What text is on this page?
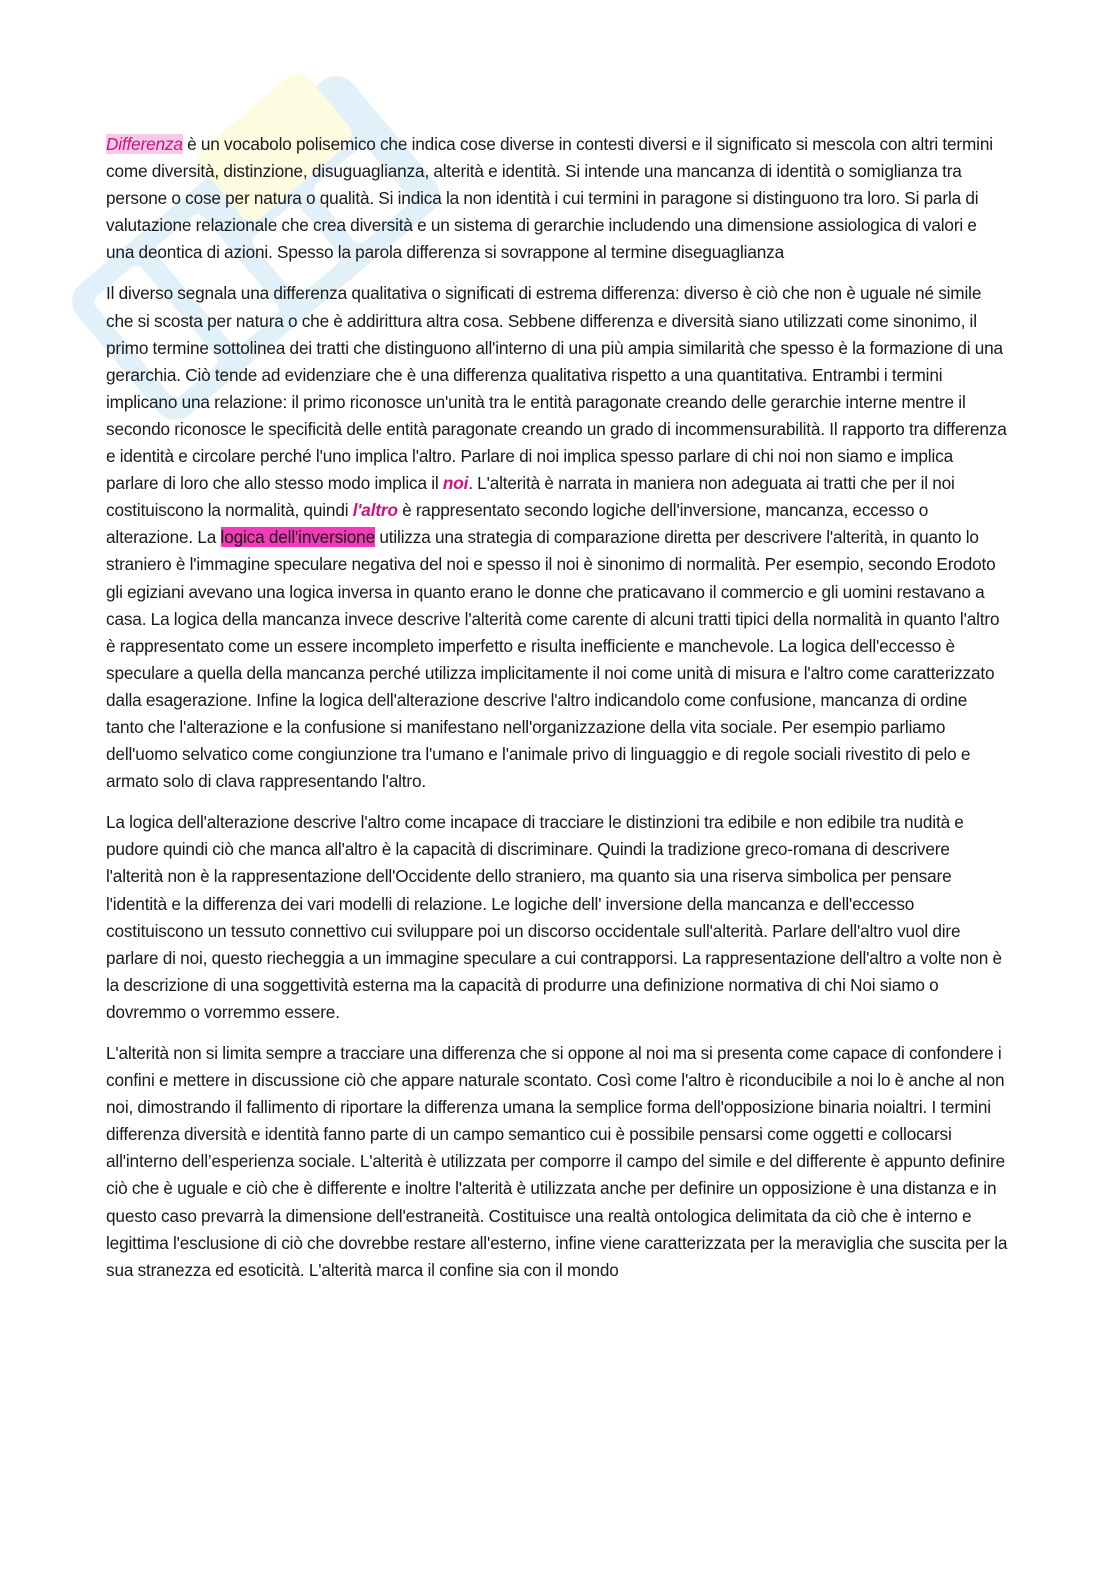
Differenza è un vocabolo polisemico che indica cose diverse in contesti diversi e il significato si mescola con altri termini come diversità, distinzione, disuguaglianza, alterità e identità. Si intende una mancanza di identità o somiglianza tra persone o cose per natura o qualità. Si indica la non identità i cui termini in paragone si distinguono tra loro. Si parla di valutazione relazionale che crea diversità e un sistema di gerarchie includendo una dimensione assiologica di valori e una deontica di azioni. Spesso la parola differenza si sovrappone al termine diseguaglianza

Il diverso segnala una differenza qualitativa o significati di estrema differenza: diverso è ciò che non è uguale né simile che si scosta per natura o che è addirittura altra cosa. Sebbene differenza e diversità siano utilizzati come sinonimo, il primo termine sottolinea dei tratti che distinguono all'interno di una più ampia similarità che spesso è la formazione di una gerarchia. Ciò tende ad evidenziare che è una differenza qualitativa rispetto a una quantitativa. Entrambi i termini implicano una relazione: il primo riconosce un'unità tra le entità paragonate creando delle gerarchie interne mentre il secondo riconosce le specificità delle entità paragonate creando un grado di incommensurabilità. Il rapporto tra differenza e identità e circolare perché l'uno implica l'altro. Parlare di noi implica spesso parlare di chi noi non siamo e implica parlare di loro che allo stesso modo implica il noi. L'alterità è narrata in maniera non adeguata ai tratti che per il noi costituiscono la normalità, quindi l'altro è rappresentato secondo logiche dell'inversione, mancanza, eccesso o alterazione. La logica dell'inversione utilizza una strategia di comparazione diretta per descrivere l'alterità, in quanto lo straniero è l'immagine speculare negativa del noi e spesso il noi è sinonimo di normalità. Per esempio, secondo Erodoto gli egiziani avevano una logica inversa in quanto erano le donne che praticavano il commercio e gli uomini restavano a casa. La logica della mancanza invece descrive l'alterità come carente di alcuni tratti tipici della normalità in quanto l'altro è rappresentato come un essere incompleto imperfetto e risulta inefficiente e manchevole. La logica dell'eccesso è speculare a quella della mancanza perché utilizza implicitamente il noi come unità di misura e l'altro come caratterizzato dalla esagerazione. Infine la logica dell'alterazione descrive l'altro indicandolo come confusione, mancanza di ordine tanto che l'alterazione e la confusione si manifestano nell'organizzazione della vita sociale. Per esempio parliamo dell'uomo selvatico come congiunzione tra l'umano e l'animale privo di linguaggio e di regole sociali rivestito di pelo e armato solo di clava rappresentando l'altro.

La logica dell'alterazione descrive l'altro come incapace di tracciare le distinzioni tra edibile e non edibile tra nudità e pudore quindi ciò che manca all'altro è la capacità di discriminare. Quindi la tradizione greco-romana di descrivere l'alterità non è la rappresentazione dell'Occidente dello straniero, ma quanto sia una riserva simbolica per pensare l'identità e la differenza dei vari modelli di relazione. Le logiche dell' inversione della mancanza e dell'eccesso costituiscono un tessuto connettivo cui sviluppare poi un discorso occidentale sull'alterità. Parlare dell'altro vuol dire parlare di noi, questo riecheggia a un immagine speculare a cui contrapporsi. La rappresentazione dell'altro a volte non è la descrizione di una soggettività esterna ma la capacità di produrre una definizione normativa di chi Noi siamo o dovremmo o vorremmo essere.

L'alterità non si limita sempre a tracciare una differenza che si oppone al noi ma si presenta come capace di confondere i confini e mettere in discussione ciò che appare naturale scontato. Così come l'altro è riconducibile a noi lo è anche al non noi, dimostrando il fallimento di riportare la differenza umana la semplice forma dell'opposizione binaria noialtri. I termini differenza diversità e identità fanno parte di un campo semantico cui è possibile pensarsi come oggetti e collocarsi all'interno dell’esperienza sociale. L'alterità è utilizzata per comporre il campo del simile e del differente è appunto definire ciò che è uguale e ciò che è differente e inoltre l'alterità è utilizzata anche per definire un opposizione è una distanza e in questo caso prevarrà la dimensione dell'estraneità. Costituisce una realtà ontologica delimitata da ciò che è interno e legittima l'esclusione di ciò che dovrebbe restare all'esterno, infine viene caratterizzata per la meraviglia che suscita per la sua stranezza ed esoticità. L'alterità marca il confine sia con il mondo
